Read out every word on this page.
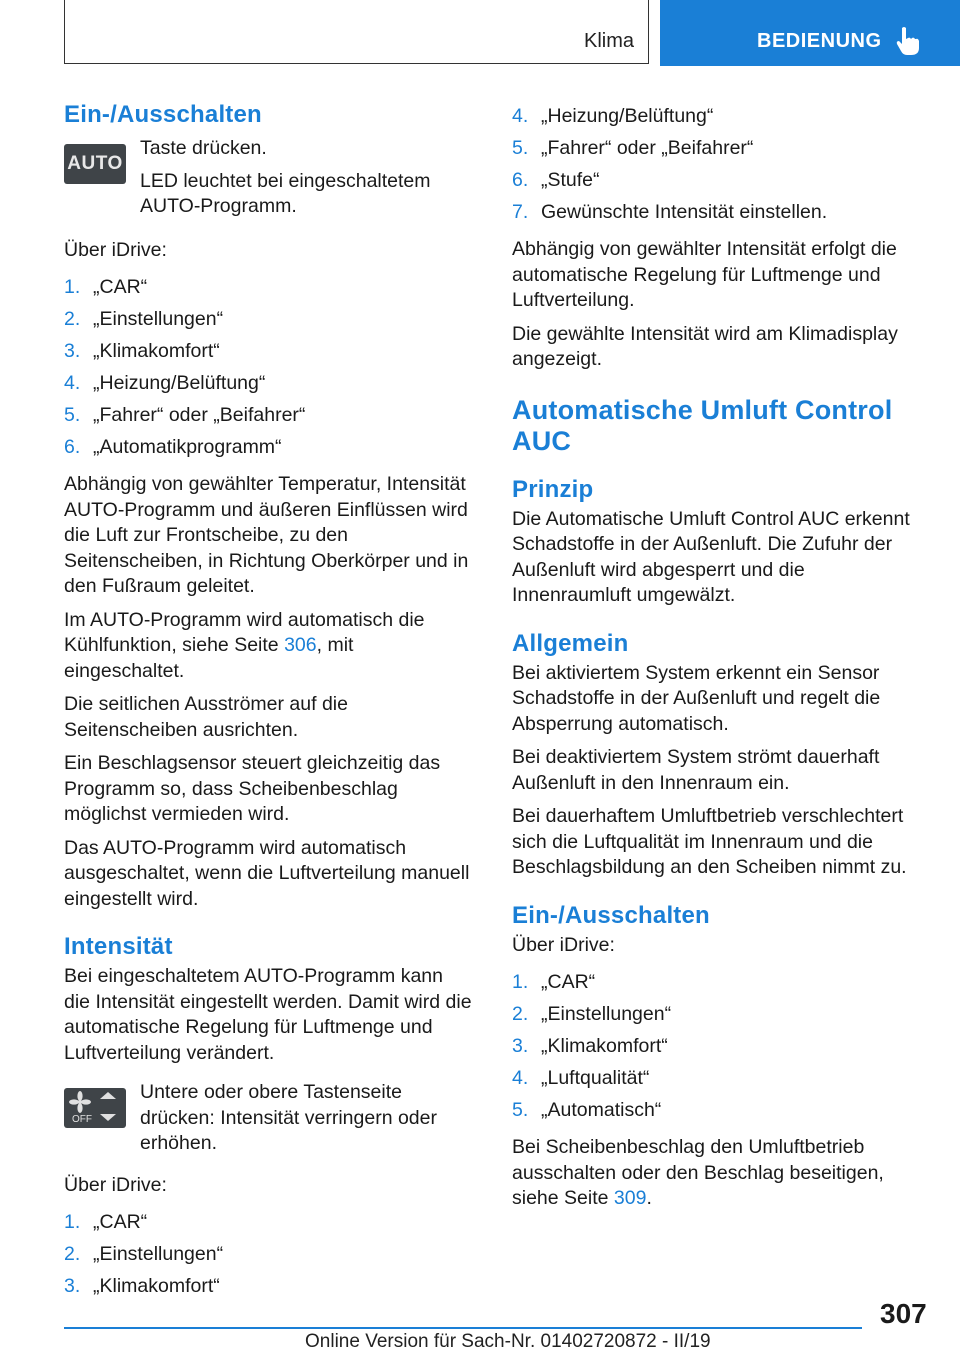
Klima	BEDIENUNG
Ein-/Ausschalten
AUTO

Taste drücken.

LED leuchtet bei eingeschaltetem AUTO-Programm.

Über iDrive:

1. „CAR“
2. „Einstellungen“
3. „Klimakomfort“
4. „Heizung/Belüftung“
5. „Fahrer“ oder „Beifahrer“
6. „Automatikprogramm“

Abhängig von gewählter Temperatur, Intensität AUTO-Programm und äußeren Einflüssen wird die Luft zur Frontscheibe, zu den Seitenscheiben, in Richtung Oberkörper und in den Fußraum geleitet.

Im AUTO-Programm wird automatisch die Kühlfunktion, siehe Seite 306, mit eingeschaltet.

Die seitlichen Ausströmer auf die Seitenscheiben ausrichten.

Ein Beschlagsensor steuert gleichzeitig das Programm so, dass Scheibenbeschlag möglichst vermieden wird.

Das AUTO-Programm wird automatisch ausgeschaltet, wenn die Luftverteilung manuell eingestellt wird.

Intensität

Bei eingeschaltetem AUTO-Programm kann die Intensität eingestellt werden. Damit wird die automatische Regelung für Luftmenge und Luftverteilung verändert.

OFF
Untere oder obere Tastenseite drücken: Intensität verringern oder erhöhen.

Über iDrive:

1. „CAR“
2. „Einstellungen“
3. „Klimakomfort“
4. „Heizung/Belüftung“
5. „Fahrer“ oder „Beifahrer“
6. „Stufe“
7. Gewünschte Intensität einstellen.

Abhängig von gewählter Intensität erfolgt die automatische Regelung für Luftmenge und Luftverteilung.

Die gewählte Intensität wird am Klimadisplay angezeigt.

Automatische Umluft Control AUC
Prinzip

Die Automatische Umluft Control AUC erkennt Schadstoffe in der Außenluft. Die Zufuhr der Außenluft wird abgesperrt und die Innenraumluft umgewälzt.

Allgemein

Bei aktiviertem System erkennt ein Sensor Schadstoffe in der Außenluft und regelt die Absperrung automatisch.

Bei deaktiviertem System strömt dauerhaft Außenluft in den Innenraum ein.

Bei dauerhaftem Umluftbetrieb verschlechtert sich die Luftqualität im Innenraum und die Beschlagsbildung an den Scheiben nimmt zu.

Ein-/Ausschalten

Über iDrive:

1. „CAR“
2. „Einstellungen“
3. „Klimakomfort“
4. „Luftqualität“
5. „Automatisch“

Bei Scheibenbeschlag den Umluftbetrieb ausschalten oder den Beschlag beseitigen, siehe Seite 309.

307
Online Version für Sach-Nr. 01402720872 - II/19
